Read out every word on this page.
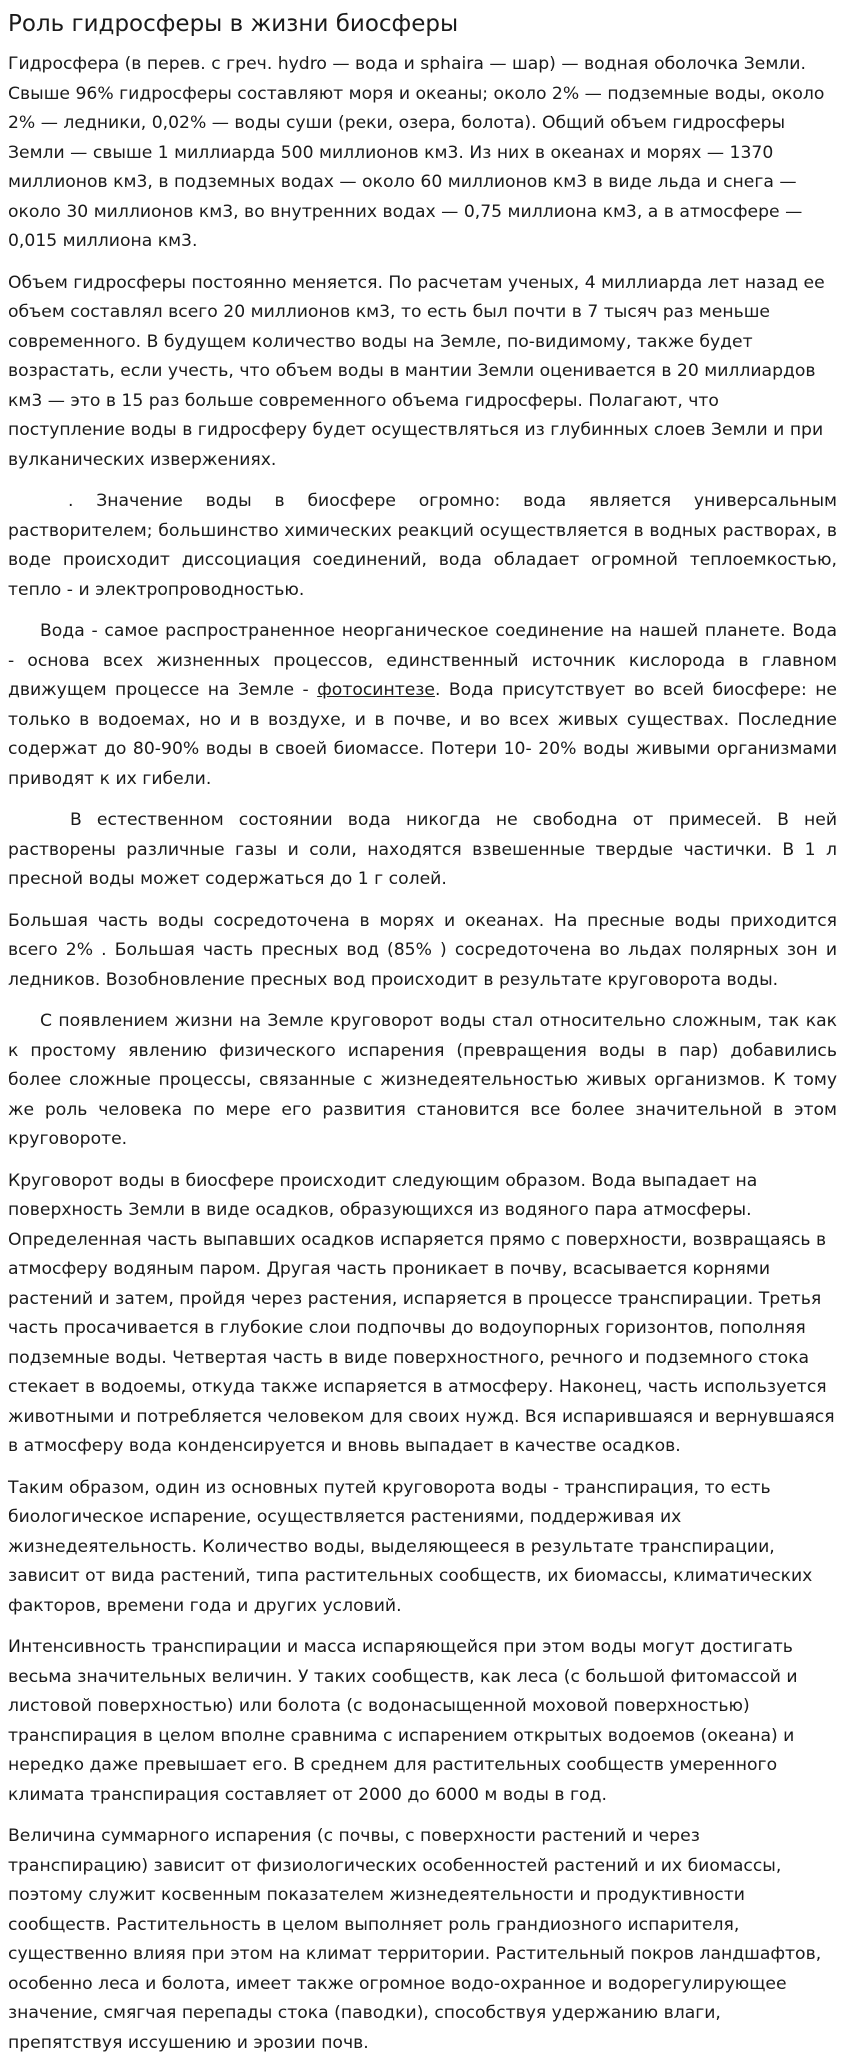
Роль гидросферы в жизни биосферы

Гидросфера (в перев. с греч. hydro — вода и sphaira — шар) — водная оболочка Земли. Свыше 96% гидросферы составляют моря и океаны; около 2% — подземные воды, около 2% — ледники, 0,02% — воды суши (реки, озера, болота). Общий объем гидросферы Земли — свыше 1 миллиарда 500 миллионов км3. Из них в океанах и морях — 1370 миллионов км3, в подземных водах — около 60 миллионов км3 в виде льда и снега — около 30 миллионов км3, во внутренних водах — 0,75 миллиона км3, а в атмосфере — 0,015 миллиона км3.

Объем гидросферы постоянно меняется. По расчетам ученых, 4 миллиарда лет назад ее объем составлял всего 20 миллионов км3, то есть был почти в 7 тысяч раз меньше современного. В будущем количество воды на Земле, по-видимому, также будет возрастать, если учесть, что объем воды в мантии Земли оценивается в 20 миллиардов км3 — это в 15 раз больше современного объема гидросферы. Полагают, что поступление воды в гидросферу будет осуществляться из глубинных слоев Земли и при вулканических извержениях.

. Значение воды в биосфере огромно: вода является универсальным растворителем; большинство химических реакций осуществляется в водных растворах, в воде происходит диссоциация соединений, вода обладает огромной теплоемкостью, тепло - и электропроводностью.

Вода - самое распространенное неорганическое соединение на нашей планете. Вода - основа всех жизненных процессов, единственный источник кислорода в главном движущем процессе на Земле - фотосинтезе. Вода присутствует во всей биосфере: не только в водоемах, но и в воздухе, и в почве, и во всех живых существах. Последние содержат до 80-90% воды в своей биомассе. Потери 10- 20% воды живыми организмами приводят к их гибели.

В естественном состоянии вода никогда не свободна от примесей. В ней растворены различные газы и соли, находятся взвешенные твердые частички. В 1 л пресной воды может содержаться до 1 г солей.

Большая часть воды сосредоточена в морях и океанах. На пресные воды приходится всего 2% . Большая часть пресных вод (85% ) сосредоточена во льдах полярных зон и ледников. Возобновление пресных вод происходит в результате круговорота воды.

С появлением жизни на Земле круговорот воды стал относительно сложным, так как к простому явлению физического испарения (превращения воды в пар) добавились более сложные процессы, связанные с жизнедеятельностью живых организмов. К тому же роль человека по мере его развития становится все более значительной в этом круговороте.

Круговорот воды в биосфере происходит следующим образом. Вода выпадает на поверхность Земли в виде осадков, образующихся из водяного пара атмосферы. Определенная часть выпавших осадков испаряется прямо с поверхности, возвращаясь в атмосферу водяным паром. Другая часть проникает в почву, всасывается корнями растений и затем, пройдя через растения, испаряется в процессе транспирации. Третья часть просачивается в глубокие слои подпочвы до водоупорных горизонтов, пополняя подземные воды. Четвертая часть в виде поверхностного, речного и подземного стока стекает в водоемы, откуда также испаряется в атмосферу. Наконец, часть используется животными и потребляется человеком для своих нужд. Вся испарившаяся и вернувшаяся в атмосферу вода конденсируется и вновь выпадает в качестве осадков.

Таким образом, один из основных путей круговорота воды - транспирация, то есть биологическое испарение, осуществляется растениями, поддерживая их жизнедеятельность. Количество воды, выделяющееся в результате транспирации, зависит от вида растений, типа растительных сообществ, их биомассы, климатических факторов, времени года и других условий.

Интенсивность транспирации и масса испаряющейся при этом воды могут достигать весьма значительных величин. У таких сообществ, как леса (с большой фитомассой и листовой поверхностью) или болота (с водонасыщенной моховой поверхностью) транспирация в целом вполне сравнима с испарением открытых водоемов (океана) и нередко даже превышает его. В среднем для растительных сообществ умеренного климата транспирация составляет от 2000 до 6000 м воды в год.

Величина суммарного испарения (с почвы, с поверхности растений и через транспирацию) зависит от физиологических особенностей растений и их биомассы, поэтому служит косвенным показателем жизнедеятельности и продуктивности сообществ. Растительность в целом выполняет роль грандиозного испарителя, существенно влияя при этом на климат территории. Растительный покров ландшафтов, особенно леса и болота, имеет также огромное водо-охранное и водорегулирующее значение, смягчая перепады стока (паводки), способствуя удержанию влаги, препятствуя иссушению и эрозии почв.
